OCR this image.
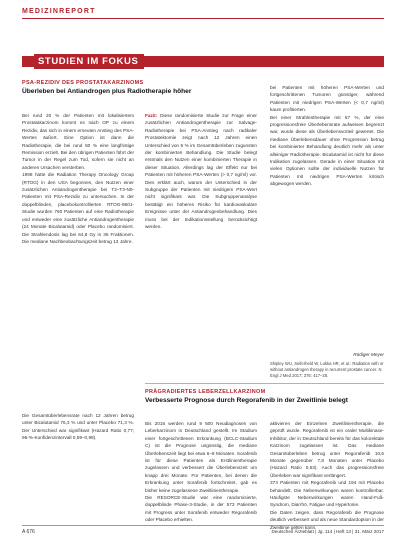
MEDIZINREPORT
STUDIEN IM FOKUS
PSA-REZIDIV DES PROSTATAKARZINOMS
Überleben bei Antiandrogen plus Radiotherapie höher

Bei rund 20 % der Patienten mit lokalisiertem Prostatakarzinom kommt es nach OP zu einem Rezidiv, das sich in einem erneuten Anstieg des PSA-Wertes äußert. Eine Option ist dann die Radiotherapie, die bei rund 50 % eine langfristige Remission erzielt. Bei den übrigen Patienten führt der Tumor in der Regel zum Tod, sofern sie nicht an anderen Ursachen versterben.
1998 hatte die Radiation Therapy Oncology Group (RTOG) in den USA begonnen, den Nutzen einer zusätzlichen Antiandrogentherapie bei T2–T3-N0-Patienten mit PSA-Rezidiv zu untersuchen. In der doppelblinden, placebokontrollierten RTOG-9601-Studie wurden 760 Patienten auf eine Radiotherapie und entweder eine zusätzliche Antiandrogentherapie (24 Monate Bicalutamid) oder Placebo randomisiert. Die Strahlendosis lag bei 64,8 Gy in 36 Fraktionen. Die mediane Nachbeobachtungszeit betrug 13 Jahre.

Die Gesamtüberlebensrate nach 12 Jahren betrug unter Bicalutamid 76,3 % und unter Placebo 71,3 %. Der Unterschied war signifikant (Hazard Ratio 0,77; 95-%-Konfidenzintervall 0,59–0,99).

Fazit: Diese randomisierte Studie zur Frage einer zusätzlichen Antiandrogentherapie zur Salvage-Radiotherapie bei PSA-Anstieg nach radikaler Prostatektomie zeigt nach 12 Jahren einen Unterschied von 5 % im Gesamtüberleben zugunsten der kombinierten Behandlung. Die Studie belegt erstmals den Nutzen einer kombinierten Therapie in dieser Situation. Allerdings lag der Effekt nur bei Patienten mit höheren PSA-Werten (> 0,7 ng/ml) vor. Dies erklärt auch, warum der Unterschied in der Subgruppe der Patienten mit niedrigem PSA-Wert nicht signifikant war. Die Subgruppenanalyse bestätigt ein höheres Risiko für kardiovaskuläre Ereignisse unter der Antiandrogenbehandlung. Dies muss bei der Indikationsstellung berücksichtigt werden.

bei Patienten mit höheren PSA-Werten und fortgeschrittenen Tumoren günstiger, während Patienten mit niedrigen PSA-Werten (< 0,7 ng/ml) kaum profitierten.
Bei einer Strahlentherapie mit 67 %, der eine progressionsfreie Überlebensrate aufweisen begrenzt war, wurde diese als Überlebensvorteil gewertet. Die mediane Überlebensdauer ohne Progression betrug bei kombinierter Behandlung deutlich mehr als unter alleiniger Radiotherapie. Bicalutamid ist nicht für diese Indikation zugelassen. Gerade in einer Situation mit vielen Optionen sollte der individuelle Nutzen für Patienten mit niedrigen PSA-Werten kritisch abgewogen werden.

Rüdiger Meyer
Shipley WU, Seiferheld W, Lukka HR, et al.: Radiation with or without antiandrogen therapy in recurrent prostate cancer. N Engl J Med 2017; 376: 417–28.
PRÄGRADIERTES LEBERZELLKARZINOM
Verbesserte Prognose durch Regorafenib in der Zweitlinie belegt

Bis 2016 werden rund 9 500 Neudiagnosen von Leberkarzinom in Deutschland gestellt. Im Stadium einer fortgeschrittenen Erkrankung (BCLC-Stadium C) ist die Prognose ungünstig, die mediane Überlebenszeit liegt bei etwa 6–8 Monaten. Sorafenib ist für diese Patienten als Erstlinientherapie zugelassen und verbessert die Überlebenszeit um knapp drei Monate. Für Patienten, bei denen die Erkrankung unter Sorafenib fortschreitet, gab es bisher keine zugelassene Zweitlinientherapie.
Die RESORCE-Studie war eine randomisierte, doppelblinde Phase-3-Studie, in der 573 Patienten mit Progress unter Sorafenib entweder Regorafenib oder Placebo erhielten.

aktivieren der Einzelnen Zweitlinientherapie, die geprüft wurde. Regorafenib ist ein oraler Multikinase-Inhibitor, der in Deutschland bereits für das kolorektale Karzinom zugelassen ist. Das mediane Gesamtüberleben betrug unter Regorafenib 10,6 Monate gegenüber 7,8 Monaten unter Placebo (Hazard Ratio 0,63). Auch das progressionsfreie Überleben war signifikant verlängert.
373 Patienten mit Regorafenib und 194 mit Placebo behandelt. Die Nebenwirkungen waren kontrollierbar. Häufigste Nebenwirkungen waren Hand-Fuß-Syndrom, Diarrhö, Fatigue und Hypertonie.
Die Daten zeigen, dass Regorafenib die Prognose deutlich verbessert und als neue Standardoption in der Zweitlinie gelten kann.

A 676	Deutsches Ärzteblatt | Jg. 114 | Heft 13 | 31. März 2017
